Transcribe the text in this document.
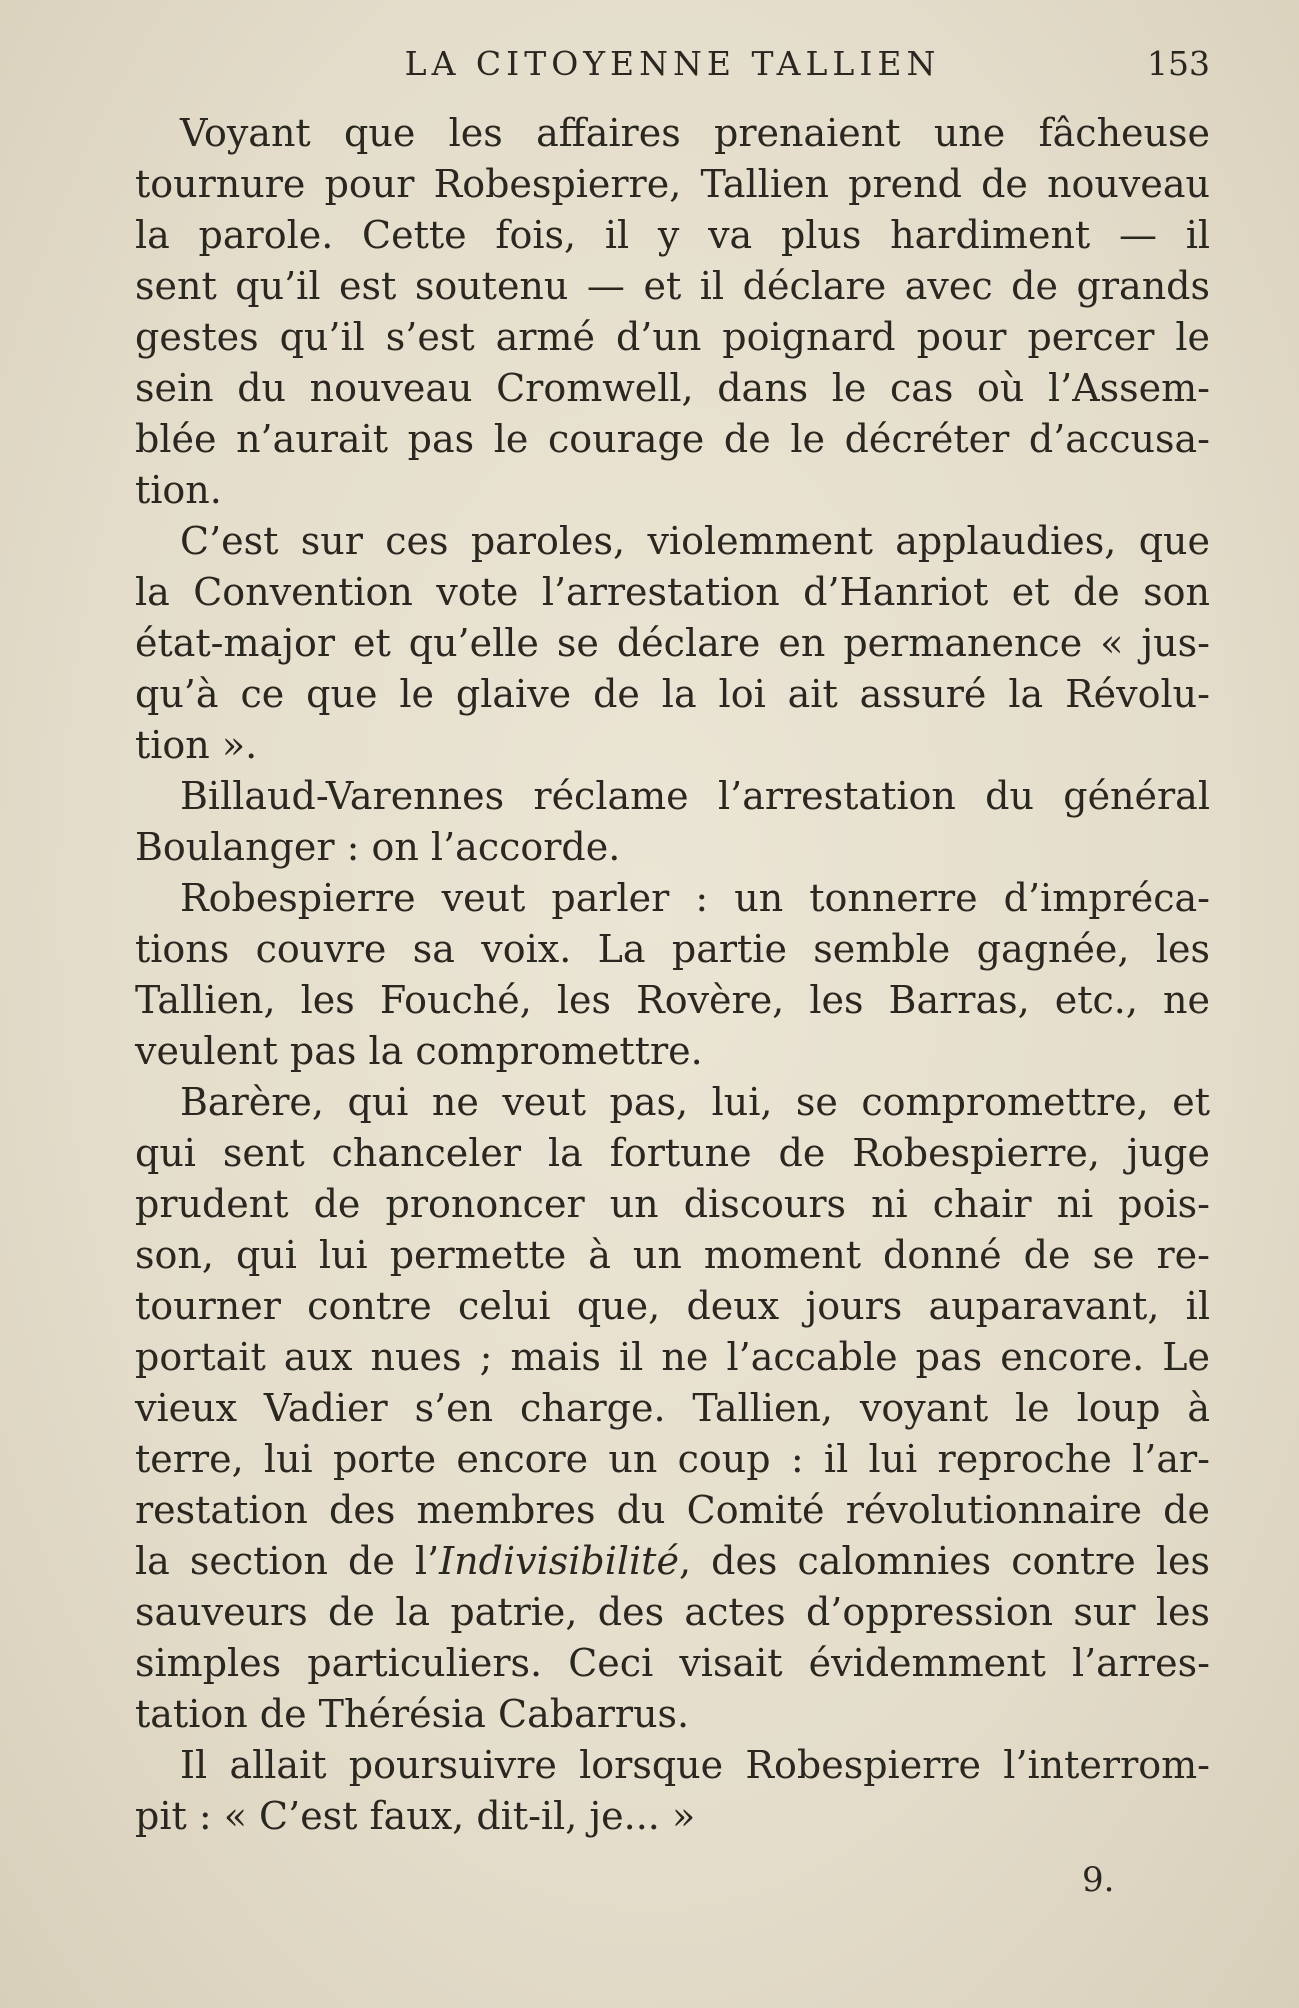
LA CITOYENNE TALLIEN	153
Voyant que les affaires prenaient une fâcheuse
tournure pour Robespierre, Tallien prend de nouveau
la parole. Cette fois, il y va plus hardiment — il
sent qu’il est soutenu — et il déclare avec de grands
gestes qu’il s’est armé d’un poignard pour percer le
sein du nouveau Cromwell, dans le cas où l’Assem-
blée n’aurait pas le courage de le décréter d’accusa-
tion.
C’est sur ces paroles, violemment applaudies, que
la Convention vote l’arrestation d’Hanriot et de son
état-major et qu’elle se déclare en permanence « jus-
qu’à ce que le glaive de la loi ait assuré la Révolu-
tion ».
Billaud-Varennes réclame l’arrestation du général
Boulanger : on l’accorde.
Robespierre veut parler : un tonnerre d’impréca-
tions couvre sa voix. La partie semble gagnée, les
Tallien, les Fouché, les Rovère, les Barras, etc., ne
veulent pas la compromettre.
Barère, qui ne veut pas, lui, se compromettre, et
qui sent chanceler la fortune de Robespierre, juge
prudent de prononcer un discours ni chair ni pois-
son, qui lui permette à un moment donné de se re-
tourner contre celui que, deux jours auparavant, il
portait aux nues ; mais il ne l’accable pas encore. Le
vieux Vadier s’en charge. Tallien, voyant le loup à
terre, lui porte encore un coup : il lui reproche l’ar-
restation des membres du Comité révolutionnaire de
la section de l’Indivisibilité, des calomnies contre les
sauveurs de la patrie, des actes d’oppression sur les
simples particuliers. Ceci visait évidemment l’arres-
tation de Thérésia Cabarrus.
Il allait poursuivre lorsque Robespierre l’interrom-
pit : « C’est faux, dit-il, je... »
9.
